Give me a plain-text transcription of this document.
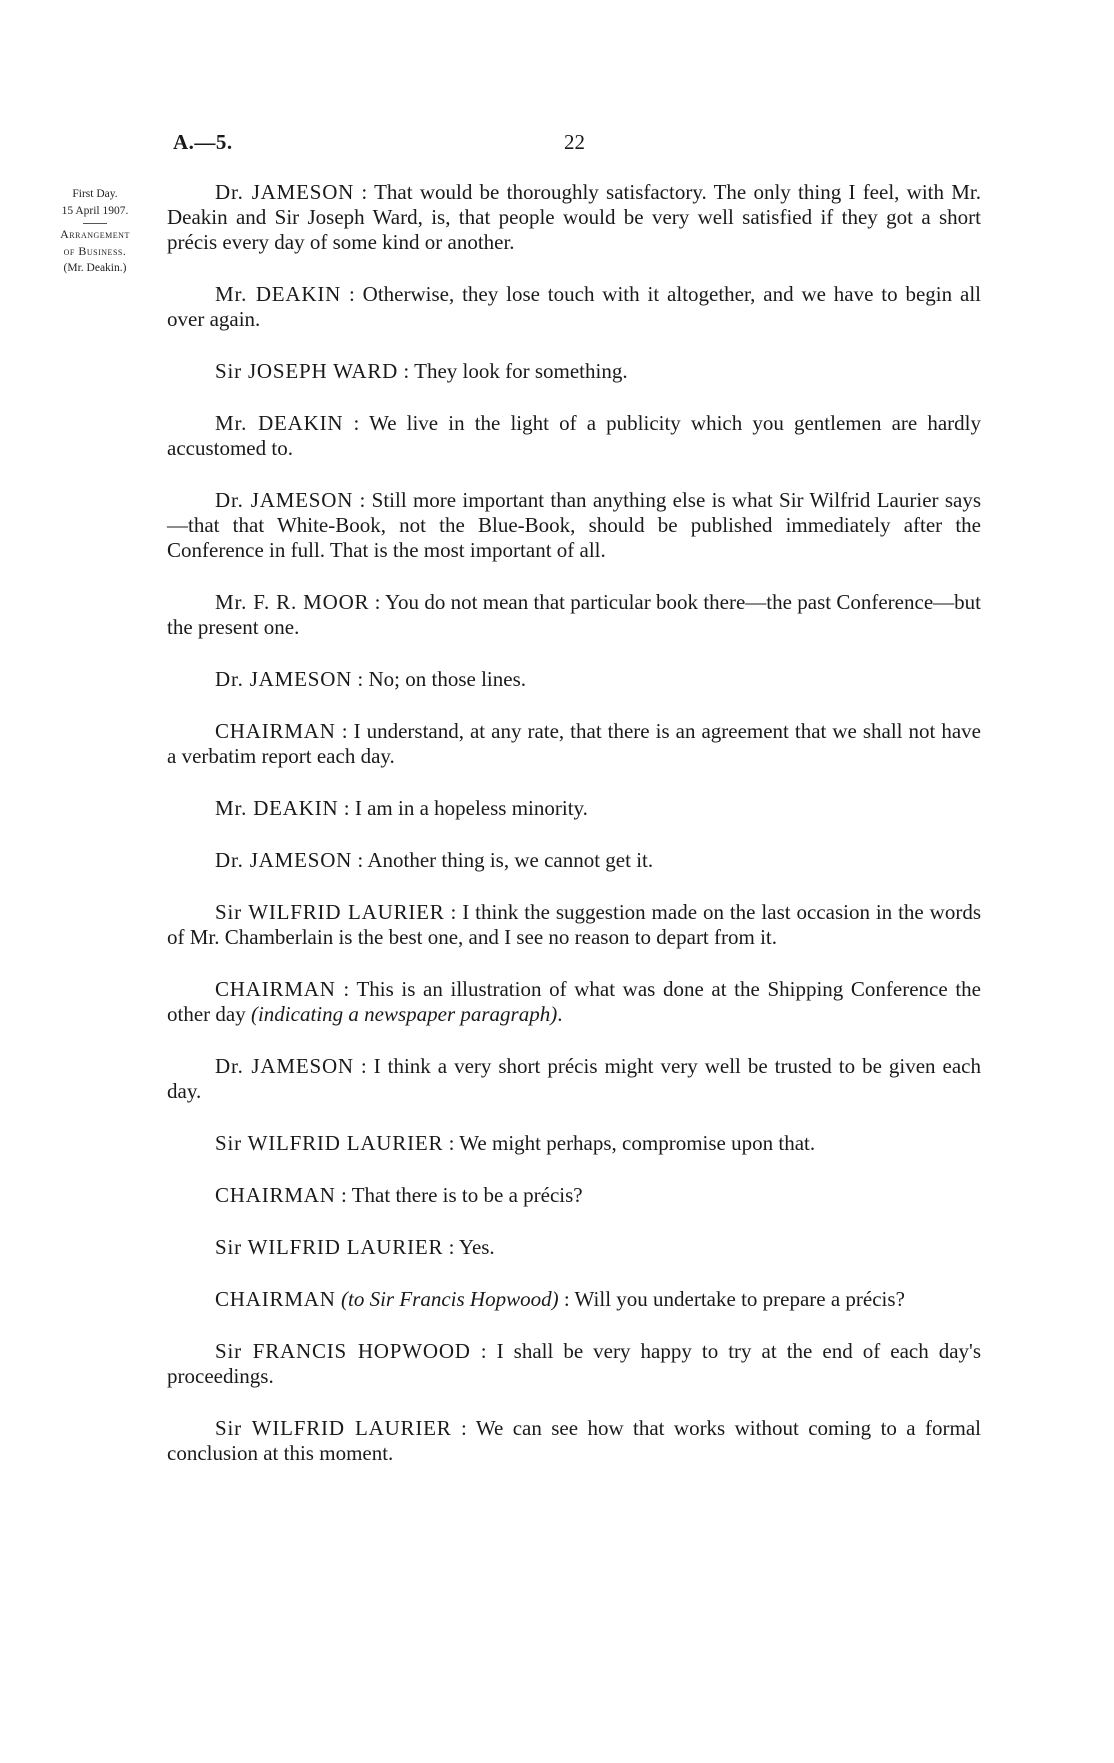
A.—5.	22
First Day.
15 April 1907.
Arrangement
of Business.
(Mr. Deakin.)

Dr. JAMESON : That would be thoroughly satisfactory. The only thing I feel, with Mr. Deakin and Sir Joseph Ward, is, that people would be very well satisfied if they got a short précis every day of some kind or another.

Mr. DEAKIN : Otherwise, they lose touch with it altogether, and we have to begin all over again.

Sir JOSEPH WARD : They look for something.

Mr. DEAKIN : We live in the light of a publicity which you gentlemen are hardly accustomed to.

Dr. JAMESON : Still more important than anything else is what Sir Wilfrid Laurier says—that that White-Book, not the Blue-Book, should be published immediately after the Conference in full. That is the most important of all.

Mr. F. R. MOOR : You do not mean that particular book there—the past Conference—but the present one.

Dr. JAMESON : No; on those lines.

CHAIRMAN : I understand, at any rate, that there is an agreement that we shall not have a verbatim report each day.

Mr. DEAKIN : I am in a hopeless minority.

Dr. JAMESON : Another thing is, we cannot get it.

Sir WILFRID LAURIER : I think the suggestion made on the last occasion in the words of Mr. Chamberlain is the best one, and I see no reason to depart from it.

CHAIRMAN : This is an illustration of what was done at the Shipping Conference the other day (indicating a newspaper paragraph).

Dr. JAMESON : I think a very short précis might very well be trusted to be given each day.

Sir WILFRID LAURIER : We might perhaps, compromise upon that.

CHAIRMAN : That there is to be a précis?

Sir WILFRID LAURIER : Yes.

CHAIRMAN (to Sir Francis Hopwood) : Will you undertake to prepare a précis?

Sir FRANCIS HOPWOOD : I shall be very happy to try at the end of each day's proceedings.

Sir WILFRID LAURIER : We can see how that works without coming to a formal conclusion at this moment.
